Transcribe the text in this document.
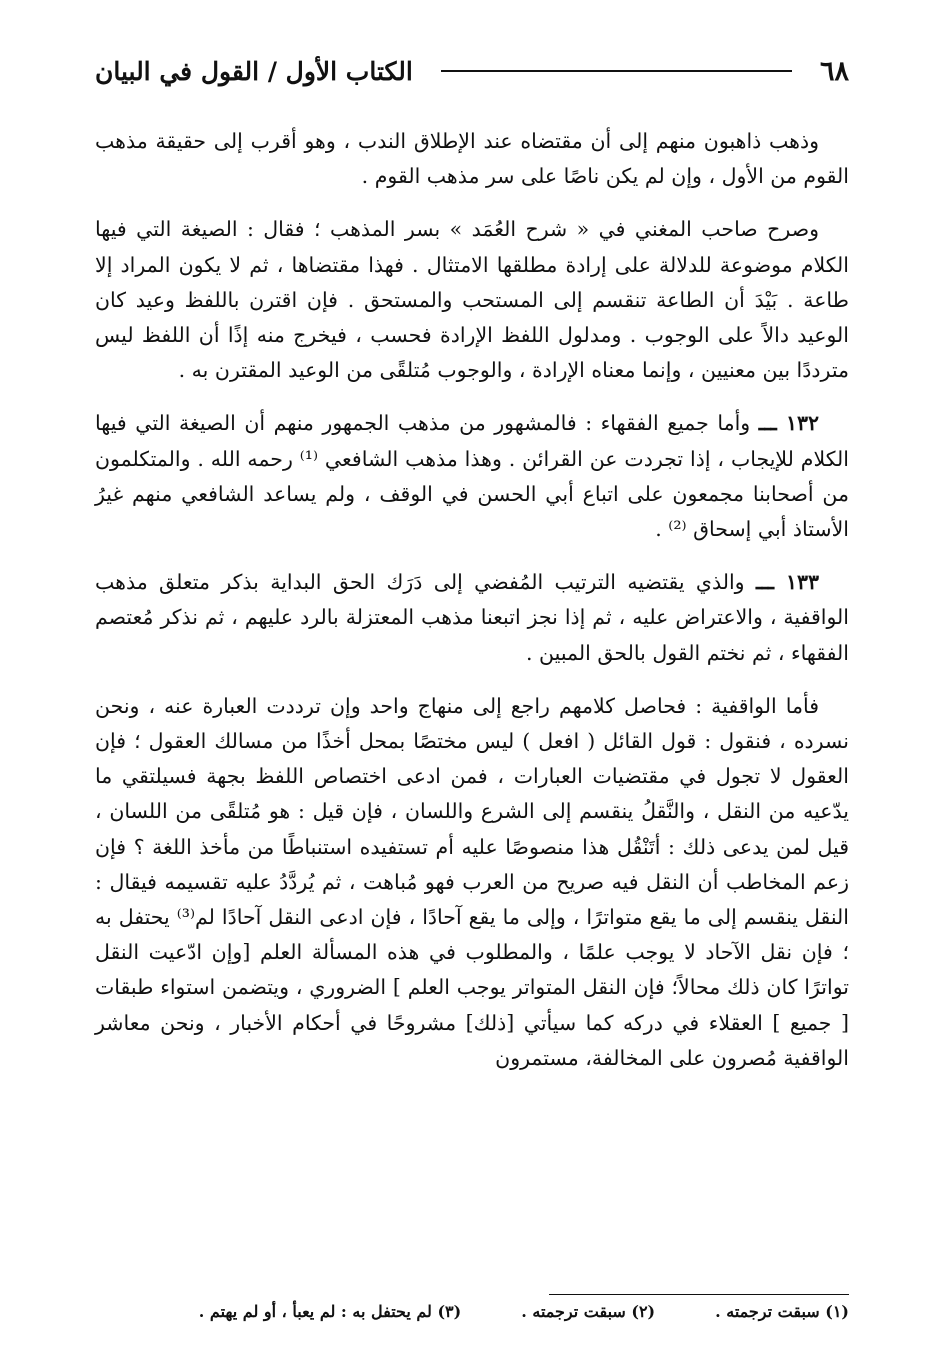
٦٨
الكتاب الأول / القول في البيان

وذهب ذاهبون منهم إلى أن مقتضاه عند الإطلاق الندب ، وهو أقرب إلى حقيقة مذهب القوم من الأول ، وإن لم يكن ناصًا على سر مذهب القوم .

وصرح صاحب المغني في « شرح العُمَد » بسر المذهب ؛ فقال : الصيغة التي فيها الكلام موضوعة للدلالة على إرادة مطلقها الامتثال . فهذا مقتضاها ، ثم لا يكون المراد إلا طاعة . بَيْدَ أن الطاعة تنقسم إلى المستحب والمستحق . فإن اقترن باللفظ وعيد كان الوعيد دالاً على الوجوب . ومدلول اللفظ الإرادة فحسب ، فيخرج منه إذًا أن اللفظ ليس مترددًا بين معنيين ، وإنما معناه الإرادة ، والوجوب مُتلقًى من الوعيد المقترن به .

١٣٢ ـــ وأما جميع الفقهاء : فالمشهور من مذهب الجمهور منهم أن الصيغة التي فيها الكلام للإيجاب ، إذا تجردت عن القرائن . وهذا مذهب الشافعي ⁽¹⁾ رحمه الله . والمتكلمون من أصحابنا مجمعون على اتباع أبي الحسن في الوقف ، ولم يساعد الشافعي منهم غيرُ الأستاذ أبي إسحاق ⁽²⁾ .

١٣٣ ـــ والذي يقتضيه الترتيب المُفضي إلى دَرَك الحق البداية بذكر متعلق مذهب الواقفية ، والاعتراض عليه ، ثم إذا نجز اتبعنا مذهب المعتزلة بالرد عليهم ، ثم نذكر مُعتصم الفقهاء ، ثم نختم القول بالحق المبين .

فأما الواقفية : فحاصل كلامهم راجع إلى منهاج واحد وإن ترددت العبارة عنه ، ونحن نسرده ، فنقول : قول القائل ( افعل ) ليس مختصًا بمحل أخذًا من مسالك العقول ؛ فإن العقول لا تجول في مقتضيات العبارات ، فمن ادعى اختصاص اللفظ بجهة فسيلتقي ما يدّعيه من النقل ، والنَّقلُ ينقسم إلى الشرع واللسان ، فإن قيل : هو مُتلقًى من اللسان ، قيل لمن يدعى ذلك : أتَنْقُل هذا منصوصًا عليه أم تستفيده استنباطًا من مأخذ اللغة ؟ فإن زعم المخاطب أن النقل فيه صريح من العرب فهو مُباهت ، ثم يُردَّدُ عليه تقسيمه فيقال : النقل ينقسم إلى ما يقع متواترًا ، وإلى ما يقع آحادًا ، فإن ادعى النقل آحادًا لم⁽³⁾ يحتفل به ؛ فإن نقل الآحاد لا يوجب علمًا ، والمطلوب في هذه المسألة العلم [وإن ادّعيت النقل تواترًا كان ذلك محالاً؛ فإن النقل المتواتر يوجب العلم ] الضروري ، ويتضمن استواء طبقات [ جميع ] العقلاء في دركه كما سيأتي [ذلك] مشروحًا في أحكام الأخبار ، ونحن معاشر الواقفية مُصرون على المخالفة، مستمرون

(١) سبقت ترجمته .
(٢) سبقت ترجمته .
(٣) لم يحتفل به : لم يعبأ ، أو لم يهتم .
